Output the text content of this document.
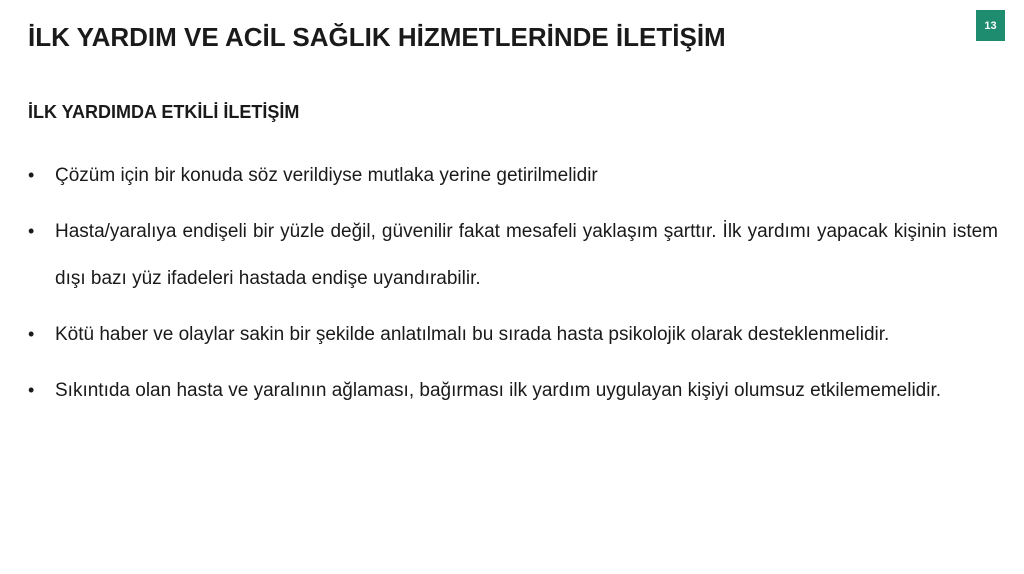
İLK YARDIM VE ACİL SAĞLIK HİZMETLERİNDE İLETİŞİM	13
İLK YARDIMDA ETKİLİ İLETİŞİM
• Çözüm için bir konuda söz verildiyse mutlaka yerine getirilmelidir
• Hasta/yaralıya endişeli bir yüzle değil, güvenilir fakat mesafeli yaklaşım şarttır. İlk yardımı yapacak kişinin istem dışı bazı yüz ifadeleri hastada endişe uyandırabilir.
• Kötü haber ve olaylar sakin bir şekilde anlatılmalı bu sırada hasta psikolojik olarak desteklenmelidir.
• Sıkıntıda olan hasta ve yaralının ağlaması, bağırması ilk yardım uygulayan kişiyi olumsuz etkilememelidir.
